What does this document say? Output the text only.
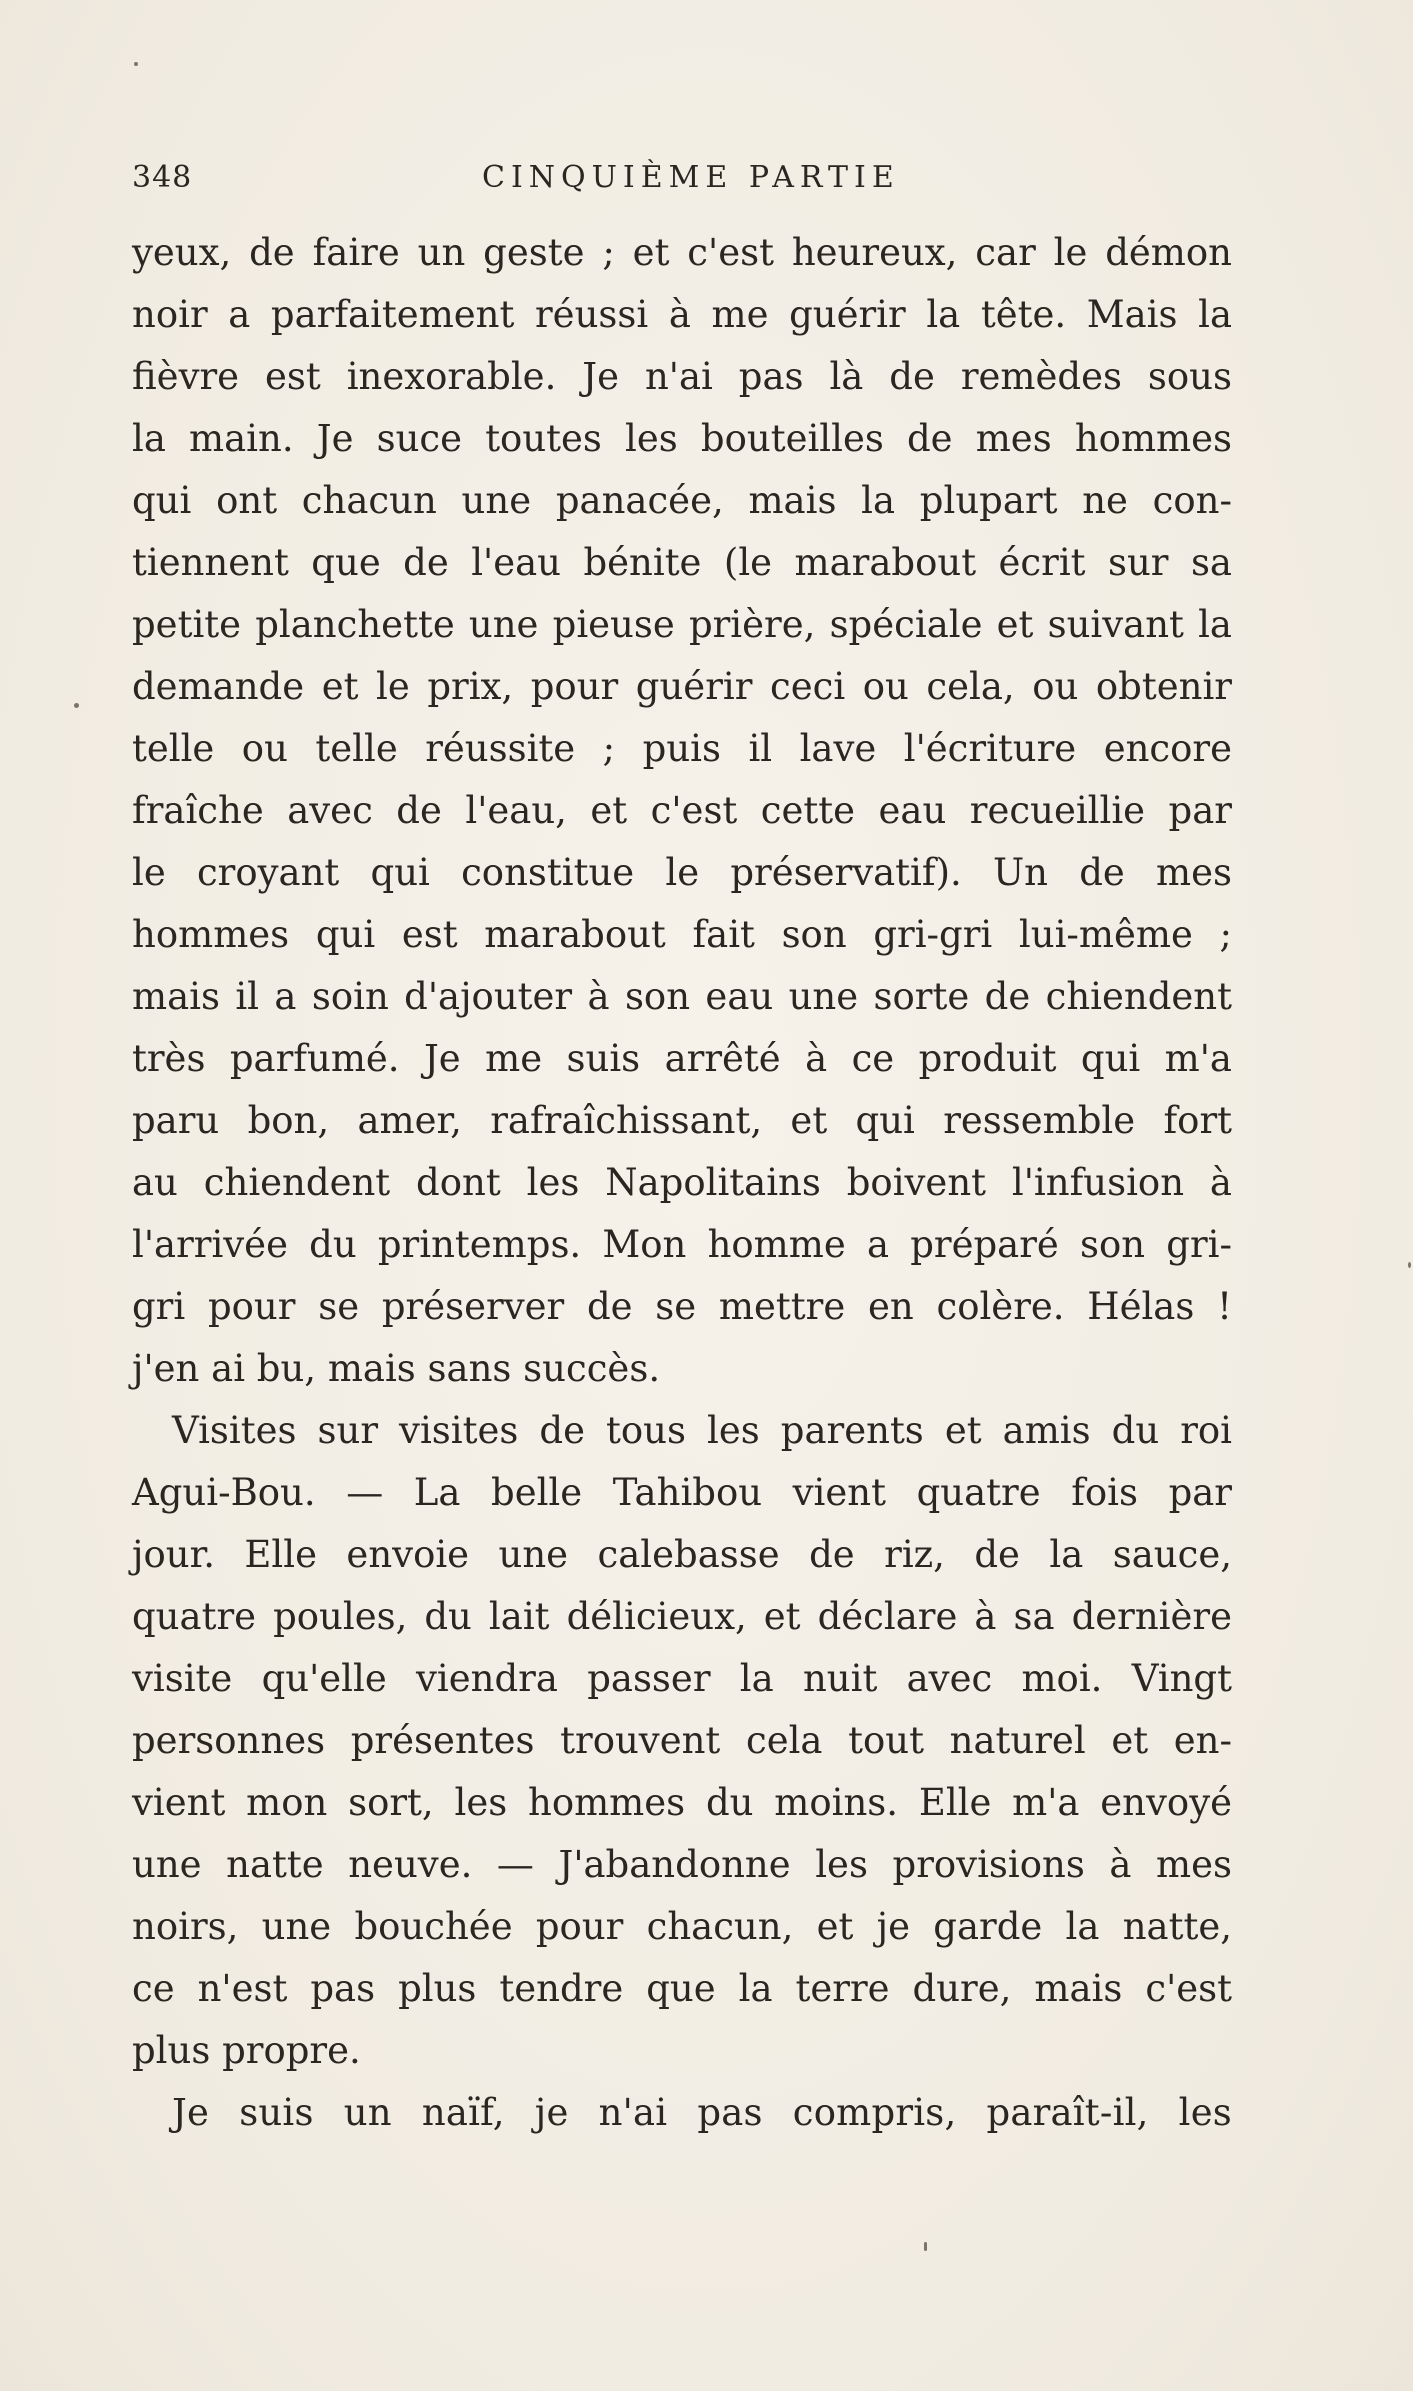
348	CINQUIÈME PARTIE
yeux, de faire un geste ; et c'est heureux, car le démon
noir a parfaitement réussi à me guérir la tête. Mais la
fièvre est inexorable. Je n'ai pas là de remèdes sous
la main. Je suce toutes les bouteilles de mes hommes
qui ont chacun une panacée, mais la plupart ne con-
tiennent que de l'eau bénite (le marabout écrit sur sa
petite planchette une pieuse prière, spéciale et suivant la
demande et le prix, pour guérir ceci ou cela, ou obtenir
telle ou telle réussite ; puis il lave l'écriture encore
fraîche avec de l'eau, et c'est cette eau recueillie par
le croyant qui constitue le préservatif). Un de mes
hommes qui est marabout fait son gri-gri lui-même ;
mais il a soin d'ajouter à son eau une sorte de chiendent
très parfumé. Je me suis arrêté à ce produit qui m'a
paru bon, amer, rafraîchissant, et qui ressemble fort
au chiendent dont les Napolitains boivent l'infusion à
l'arrivée du printemps. Mon homme a préparé son gri-
gri pour se préserver de se mettre en colère. Hélas !
j'en ai bu, mais sans succès.
Visites sur visites de tous les parents et amis du roi
Agui-Bou. — La belle Tahibou vient quatre fois par
jour. Elle envoie une calebasse de riz, de la sauce,
quatre poules, du lait délicieux, et déclare à sa dernière
visite qu'elle viendra passer la nuit avec moi. Vingt
personnes présentes trouvent cela tout naturel et en-
vient mon sort, les hommes du moins. Elle m'a envoyé
une natte neuve. — J'abandonne les provisions à mes
noirs, une bouchée pour chacun, et je garde la natte,
ce n'est pas plus tendre que la terre dure, mais c'est
plus propre.
Je suis un naïf, je n'ai pas compris, paraît-il, les
